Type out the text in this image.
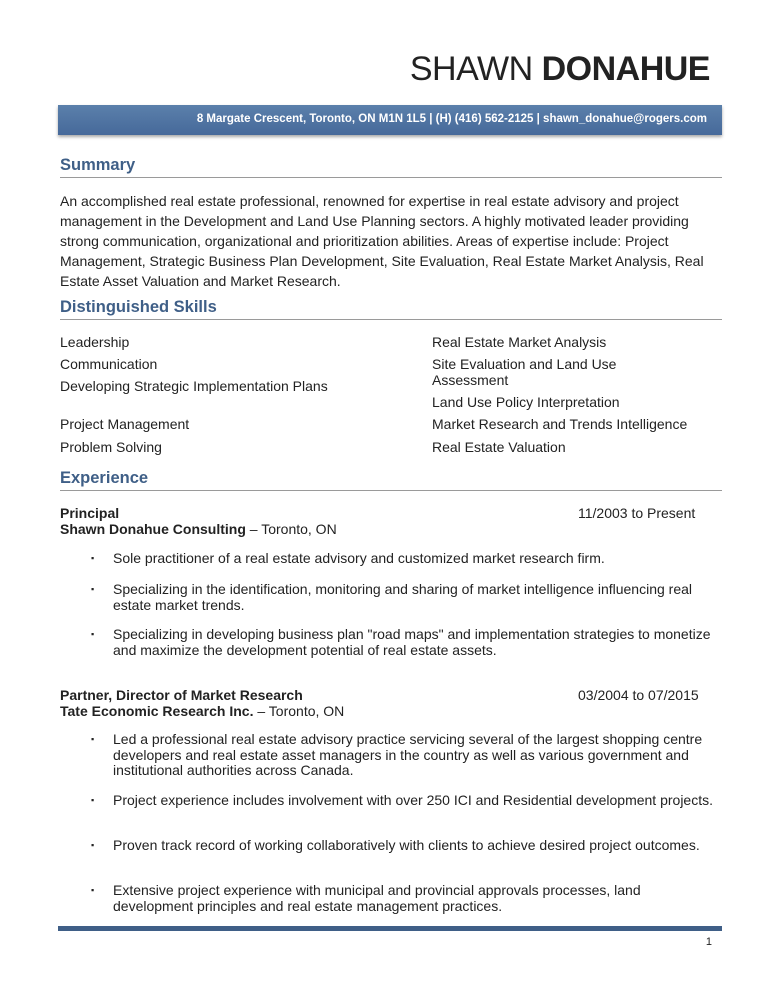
SHAWN DONAHUE
8 Margate Crescent, Toronto, ON M1N 1L5 | (H) (416) 562-2125 | shawn_donahue@rogers.com
Summary
An accomplished real estate professional, renowned for expertise in real estate advisory and project management in the Development and Land Use Planning sectors. A highly motivated leader providing strong communication, organizational and prioritization abilities. Areas of expertise include: Project Management, Strategic Business Plan Development, Site Evaluation, Real Estate Market Analysis, Real Estate Asset Valuation and Market Research.
Distinguished Skills
Leadership
Communication
Developing Strategic Implementation Plans
Project Management
Problem Solving
Real Estate Market Analysis
Site Evaluation and Land Use Assessment
Land Use Policy Interpretation
Market Research and Trends Intelligence
Real Estate Valuation
Experience
Principal	11/2003 to Present
Shawn Donahue Consulting – Toronto, ON
▪ Sole practitioner of a real estate advisory and customized market research firm.
▪ Specializing in the identification, monitoring and sharing of market intelligence influencing real estate market trends.
▪ Specializing in developing business plan "road maps" and implementation strategies to monetize and maximize the development potential of real estate assets.
Partner, Director of Market Research	03/2004 to 07/2015
Tate Economic Research Inc. – Toronto, ON
▪ Led a professional real estate advisory practice servicing several of the largest shopping centre developers and real estate asset managers in the country as well as various government and institutional authorities across Canada.
▪ Project experience includes involvement with over 250 ICI and Residential development projects.
▪ Proven track record of working collaboratively with clients to achieve desired project outcomes.
▪ Extensive project experience with municipal and provincial approvals processes, land development principles and real estate management practices.
1
